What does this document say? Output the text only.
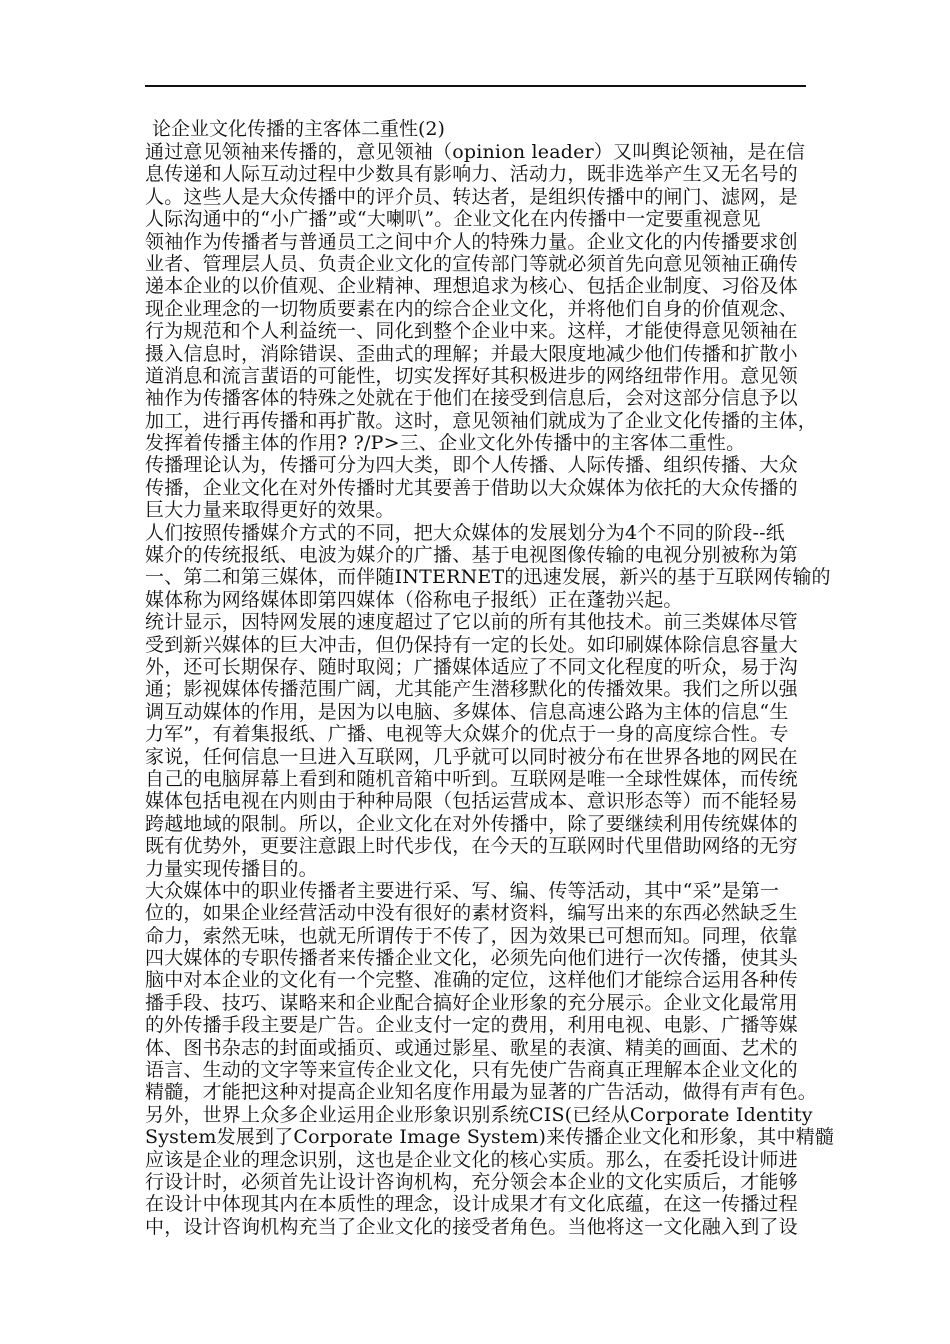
论企业文化传播的主客体二重性(2)
通过意见领袖来传播的，意见领袖（opinion leader）又叫舆论领袖，是在信
息传递和人际互动过程中少数具有影响力、活动力，既非选举产生又无名号的
人。这些人是大众传播中的评介员、转达者，是组织传播中的闸门、滤网，是
人际沟通中的“小广播”或“大喇叭”。企业文化在内传播中一定要重视意见
领袖作为传播者与普通员工之间中介人的特殊力量。企业文化的内传播要求创
业者、管理层人员、负责企业文化的宣传部门等就必须首先向意见领袖正确传
递本企业的以价值观、企业精神、理想追求为核心、包括企业制度、习俗及体
现企业理念的一切物质要素在内的综合企业文化，并将他们自身的价值观念、
行为规范和个人利益统一、同化到整个企业中来。这样，才能使得意见领袖在
摄入信息时，消除错误、歪曲式的理解；并最大限度地减少他们传播和扩散小
道消息和流言蜚语的可能性，切实发挥好其积极进步的网络纽带作用。意见领
袖作为传播客体的特殊之处就在于他们在接受到信息后，会对这部分信息予以
加工，进行再传播和再扩散。这时，意见领袖们就成为了企业文化传播的主体，
发挥着传播主体的作用? ?/P>三、企业文化外传播中的主客体二重性。
传播理论认为，传播可分为四大类，即个人传播、人际传播、组织传播、大众
传播，企业文化在对外传播时尤其要善于借助以大众媒体为依托的大众传播的
巨大力量来取得更好的效果。
人们按照传播媒介方式的不同，把大众媒体的发展划分为4个不同的阶段--纸
媒介的传统报纸、电波为媒介的广播、基于电视图像传输的电视分别被称为第
一、第二和第三媒体，而伴随INTERNET的迅速发展，新兴的基于互联网传输的
媒体称为网络媒体即第四媒体（俗称电子报纸）正在蓬勃兴起。
统计显示，因特网发展的速度超过了它以前的所有其他技术。前三类媒体尽管
受到新兴媒体的巨大冲击，但仍保持有一定的长处。如印刷媒体除信息容量大
外，还可长期保存、随时取阅；广播媒体适应了不同文化程度的听众，易于沟
通；影视媒体传播范围广阔，尤其能产生潜移默化的传播效果。我们之所以强
调互动媒体的作用，是因为以电脑、多媒体、信息高速公路为主体的信息“生
力军”，有着集报纸、广播、电视等大众媒介的优点于一身的高度综合性。专
家说，任何信息一旦进入互联网，几乎就可以同时被分布在世界各地的网民在
自己的电脑屏幕上看到和随机音箱中听到。互联网是唯一全球性媒体，而传统
媒体包括电视在内则由于种种局限（包括运营成本、意识形态等）而不能轻易
跨越地域的限制。所以，企业文化在对外传播中，除了要继续利用传统媒体的
既有优势外，更要注意跟上时代步伐，在今天的互联网时代里借助网络的无穷
力量实现传播目的。
大众媒体中的职业传播者主要进行采、写、编、传等活动，其中“采”是第一
位的，如果企业经营活动中没有很好的素材资料，编写出来的东西必然缺乏生
命力，索然无味，也就无所谓传于不传了，因为效果已可想而知。同理，依靠
四大媒体的专职传播者来传播企业文化，必须先向他们进行一次传播，使其头
脑中对本企业的文化有一个完整、准确的定位，这样他们才能综合运用各种传
播手段、技巧、谋略来和企业配合搞好企业形象的充分展示。企业文化最常用
的外传播手段主要是广告。企业支付一定的费用，利用电视、电影、广播等媒
体、图书杂志的封面或插页、或通过影星、歌星的表演、精美的画面、艺术的
语言、生动的文字等来宣传企业文化，只有先使广告商真正理解本企业文化的
精髓，才能把这种对提高企业知名度作用最为显著的广告活动，做得有声有色。
另外，世界上众多企业运用企业形象识别系统CIS(已经从Corporate Identity
System发展到了Corporate Image System)来传播企业文化和形象，其中精髓
应该是企业的理念识别，这也是企业文化的核心实质。那么，在委托设计师进
行设计时，必须首先让设计咨询机构，充分领会本企业的文化实质后，才能够
在设计中体现其内在本质性的理念，设计成果才有文化底蕴，在这一传播过程
中，设计咨询机构充当了企业文化的接受者角色。当他将这一文化融入到了设
